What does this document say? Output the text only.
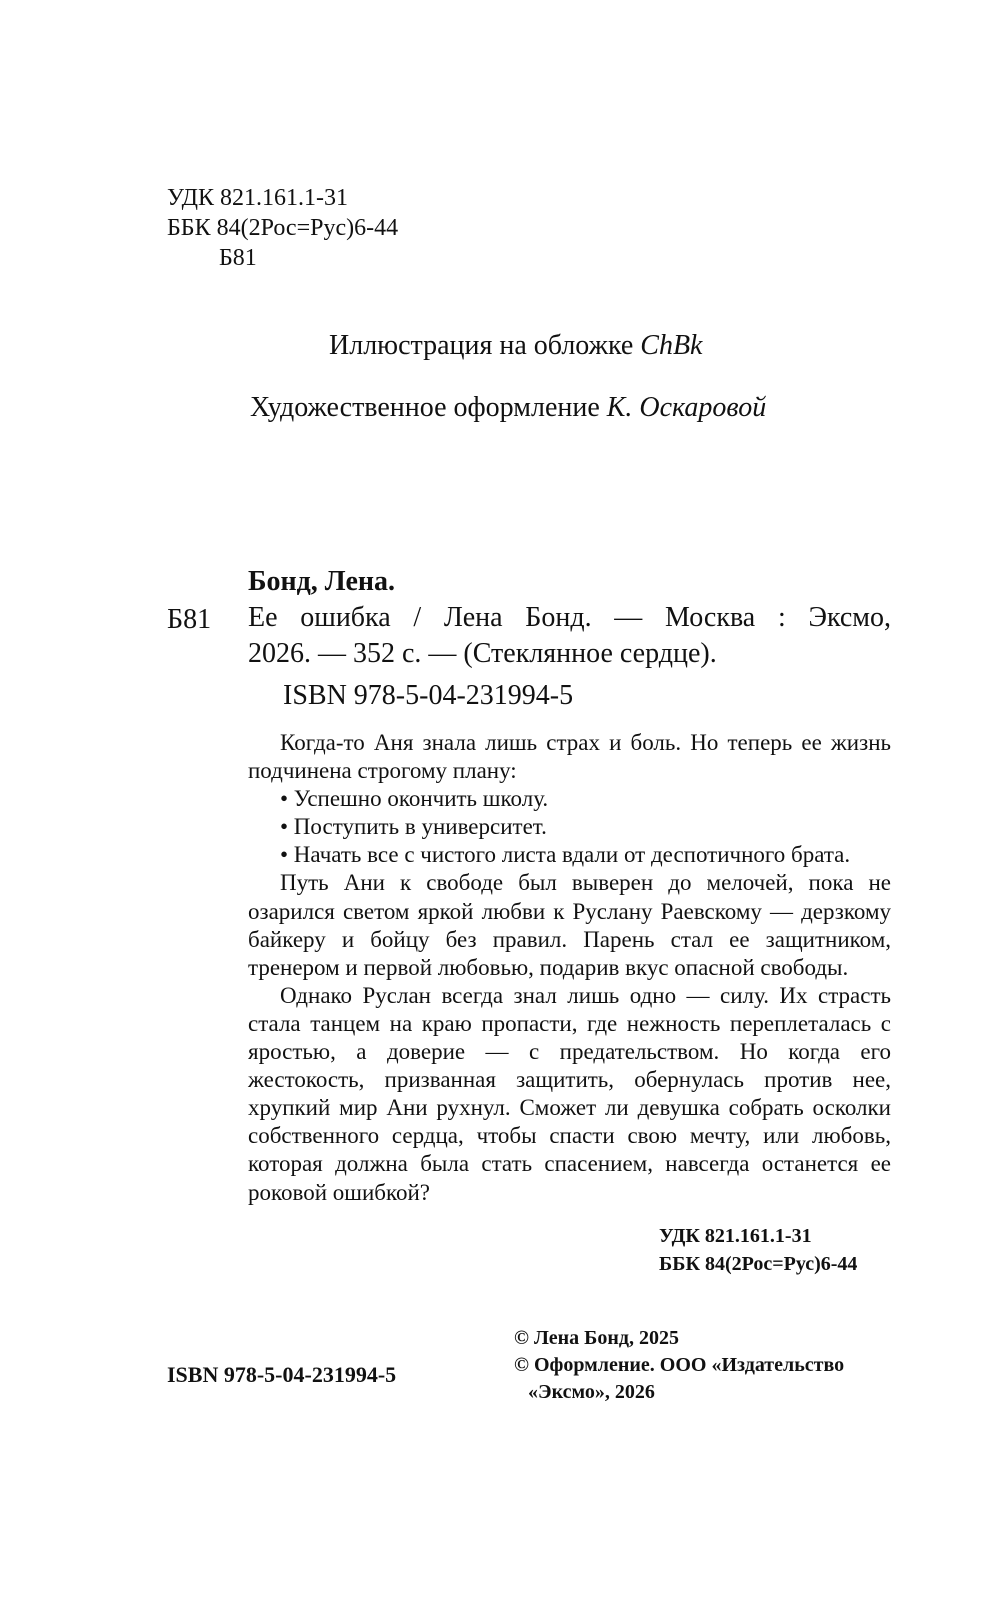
УДК 821.161.1-31
ББК 84(2Рос=Рус)6-44
Б81
Иллюстрация на обложке ChBk
Художественное оформление К. Оскаровой
Бонд, Лена.
Б81 Ее ошибка / Лена Бонд. — Москва : Эксмо,
2026. — 352 с. — (Стеклянное сердце).
ISBN 978-5-04-231994-5

Когда-то Аня знала лишь страх и боль. Но теперь ее жизнь подчинена строгому плану:

• Успешно окончить школу.

• Поступить в университет.

• Начать все с чистого листа вдали от деспотичного брата.

Путь Ани к свободе был выверен до мелочей, пока не озарился светом яркой любви к Руслану Раевскому — дерзкому байкеру и бойцу без правил. Парень стал ее защитником, тренером и первой любовью, подарив вкус опасной свободы.

Однако Руслан всегда знал лишь одно — силу. Их страсть стала танцем на краю пропасти, где нежность переплеталась с яростью, а доверие — с предательством. Но когда его жестокость, призванная защитить, обернулась против нее, хрупкий мир Ани рухнул. Сможет ли девушка собрать осколки собственного сердца, чтобы спасти свою мечту, или любовь, которая должна была стать спасением, навсегда останется ее роковой ошибкой?

УДК 821.161.1-31
ББК 84(2Рос=Рус)6-44
© Лена Бонд, 2025
© Оформление. ООО «Издательство
«Эксмо», 2026
ISBN 978-5-04-231994-5
